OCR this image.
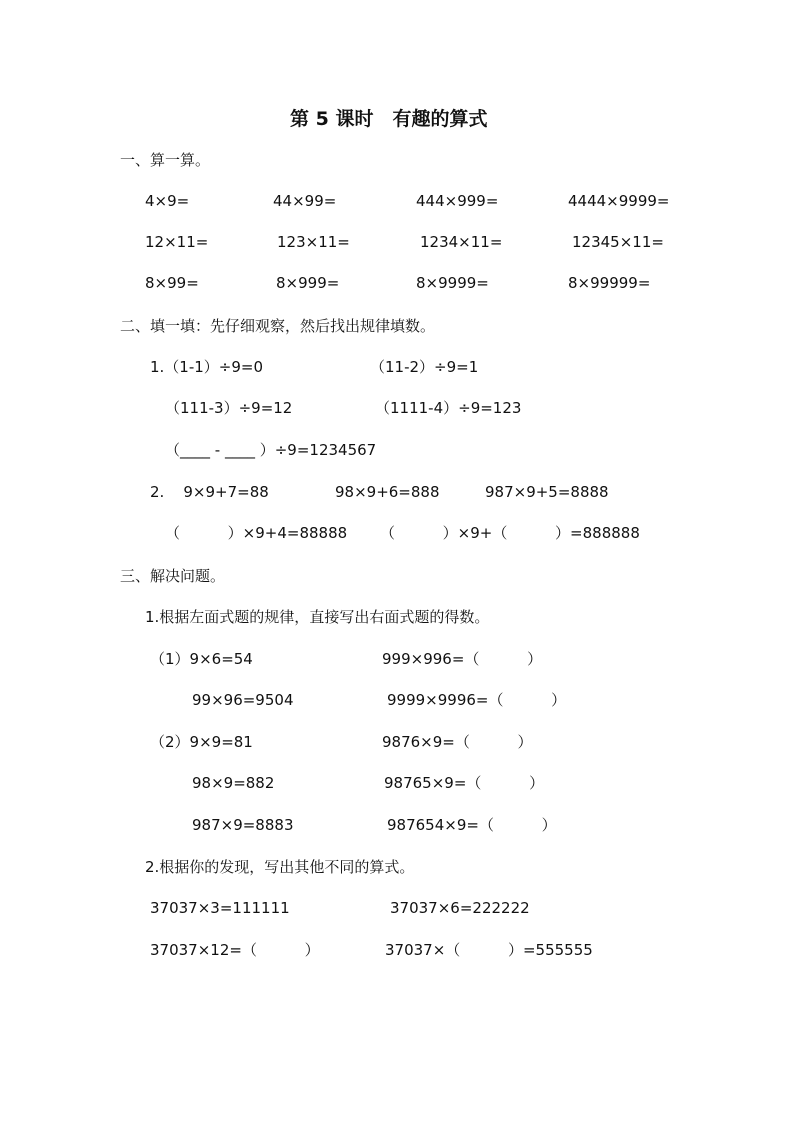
第 5 课时　有趣的算式
一、算一算。
4×9=	44×99=	444×999=	4444×9999=
12×11=	123×11=	1234×11=	12345×11=
8×99=	8×999=	8×9999=	8×99999=
二、填一填：先仔细观察，然后找出规律填数。
1.（1-1）÷9=0	（11-2）÷9=1
（111-3）÷9=12	（1111-4）÷9=123
（____ - ____ ）÷9=1234567
2.    9×9+7=88	98×9+6=888	987×9+5=8888
（          ）×9+4=88888 （          ）×9+（          ）=888888
三、解决问题。
1.根据左面式题的规律，直接写出右面式题的得数。
（1）9×6=54	999×996=（          ）
99×96=9504	9999×9996=（          ）
（2）9×9=81	9876×9=（          ）
98×9=882	98765×9=（          ）
987×9=8883	987654×9=（          ）
2.根据你的发现，写出其他不同的算式。
37037×3=111111	37037×6=222222
37037×12=（          ）	37037×（          ）=555555
